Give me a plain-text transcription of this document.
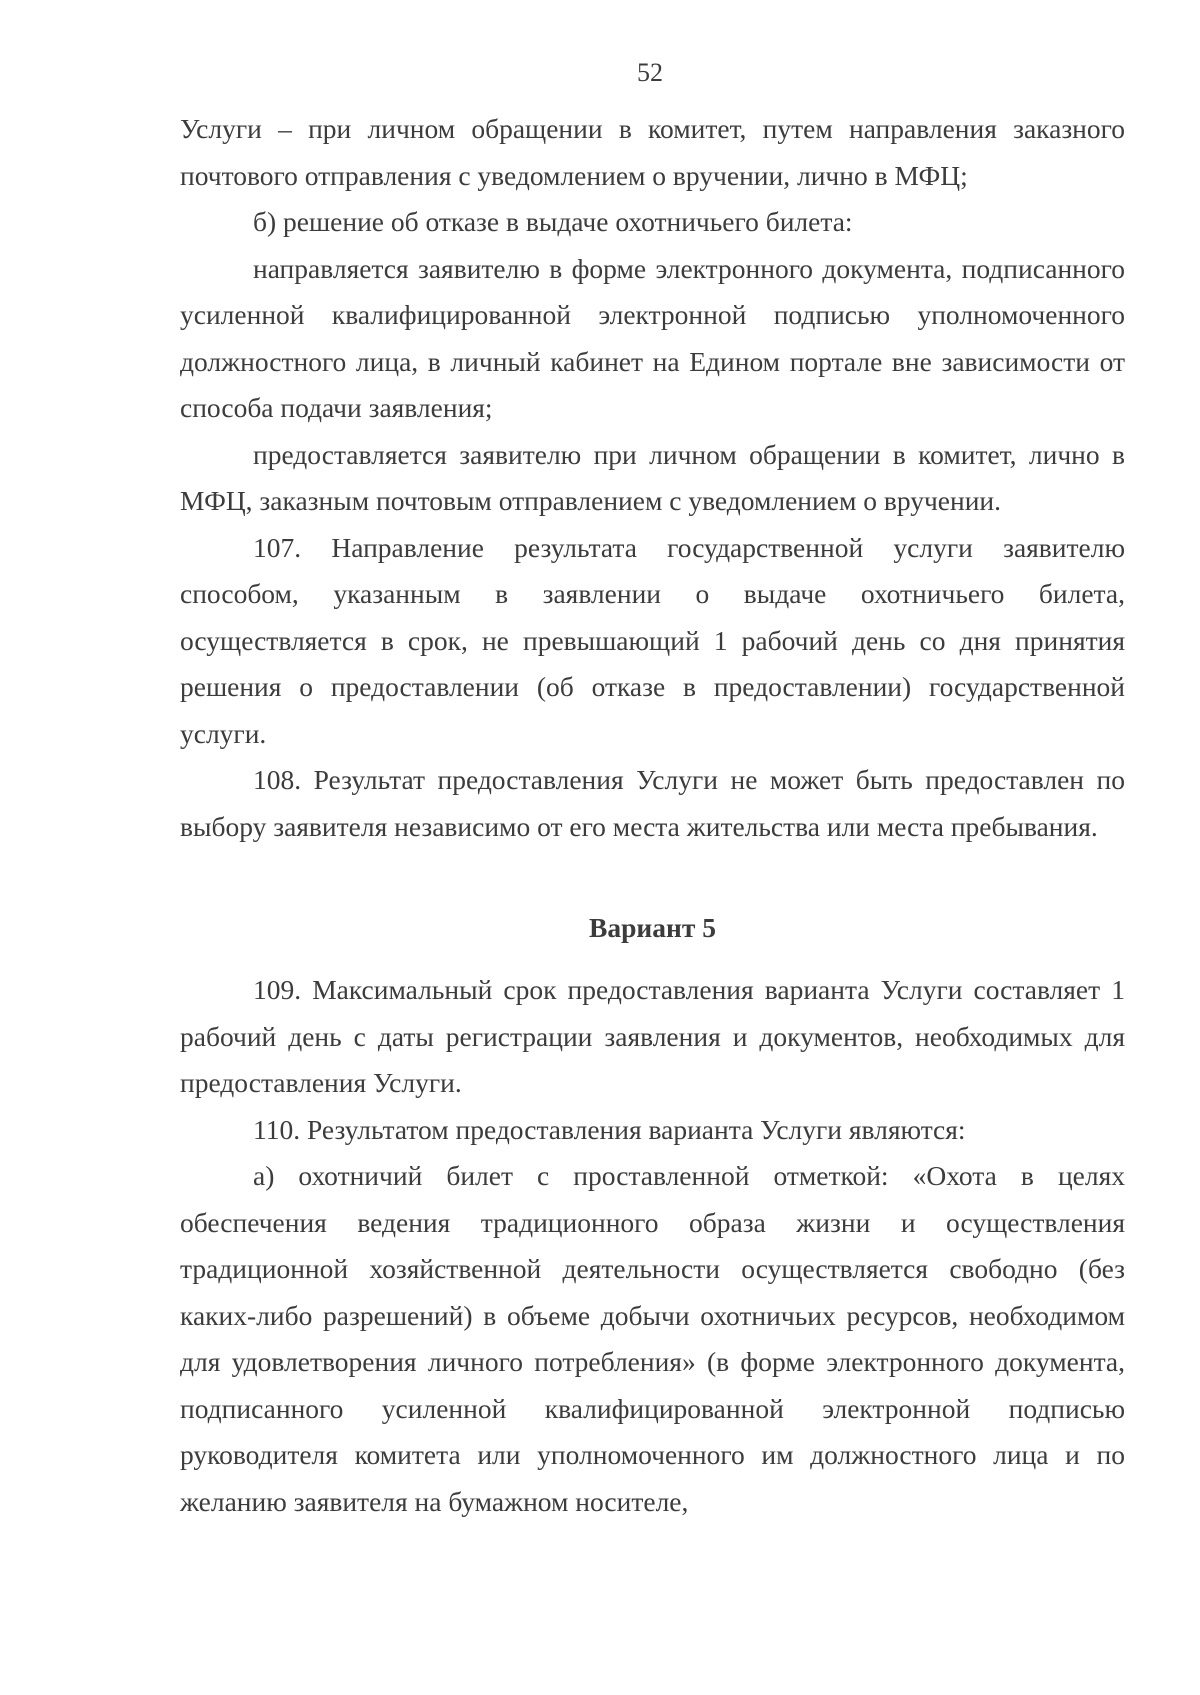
52

Услуги – при личном обращении в комитет, путем направления заказного почтового отправления с уведомлением о вручении, лично в МФЦ;

б) решение об отказе в выдаче охотничьего билета:

направляется заявителю в форме электронного документа, подписанного усиленной квалифицированной электронной подписью уполномоченного должностного лица, в личный кабинет на Едином портале вне зависимости от способа подачи заявления;

предоставляется заявителю при личном обращении в комитет, лично в МФЦ, заказным почтовым отправлением с уведомлением о вручении.

107. Направление результата государственной услуги заявителю способом, указанным в заявлении о выдаче охотничьего билета, осуществляется в срок, не превышающий 1 рабочий день со дня принятия решения о предоставлении (об отказе в предоставлении) государственной услуги.

108. Результат предоставления Услуги не может быть предоставлен по выбору заявителя независимо от его места жительства или места пребывания.

Вариант 5

109. Максимальный срок предоставления варианта Услуги составляет 1 рабочий день с даты регистрации заявления и документов, необходимых для предоставления Услуги.

110. Результатом предоставления варианта Услуги являются:

а) охотничий билет с проставленной отметкой: «Охота в целях обеспечения ведения традиционного образа жизни и осуществления традиционной хозяйственной деятельности осуществляется свободно (без каких-либо разрешений) в объеме добычи охотничьих ресурсов, необходимом для удовлетворения личного потребления» (в форме электронного документа, подписанного усиленной квалифицированной электронной подписью руководителя комитета или уполномоченного им должностного лица и по желанию заявителя на бумажном носителе,
